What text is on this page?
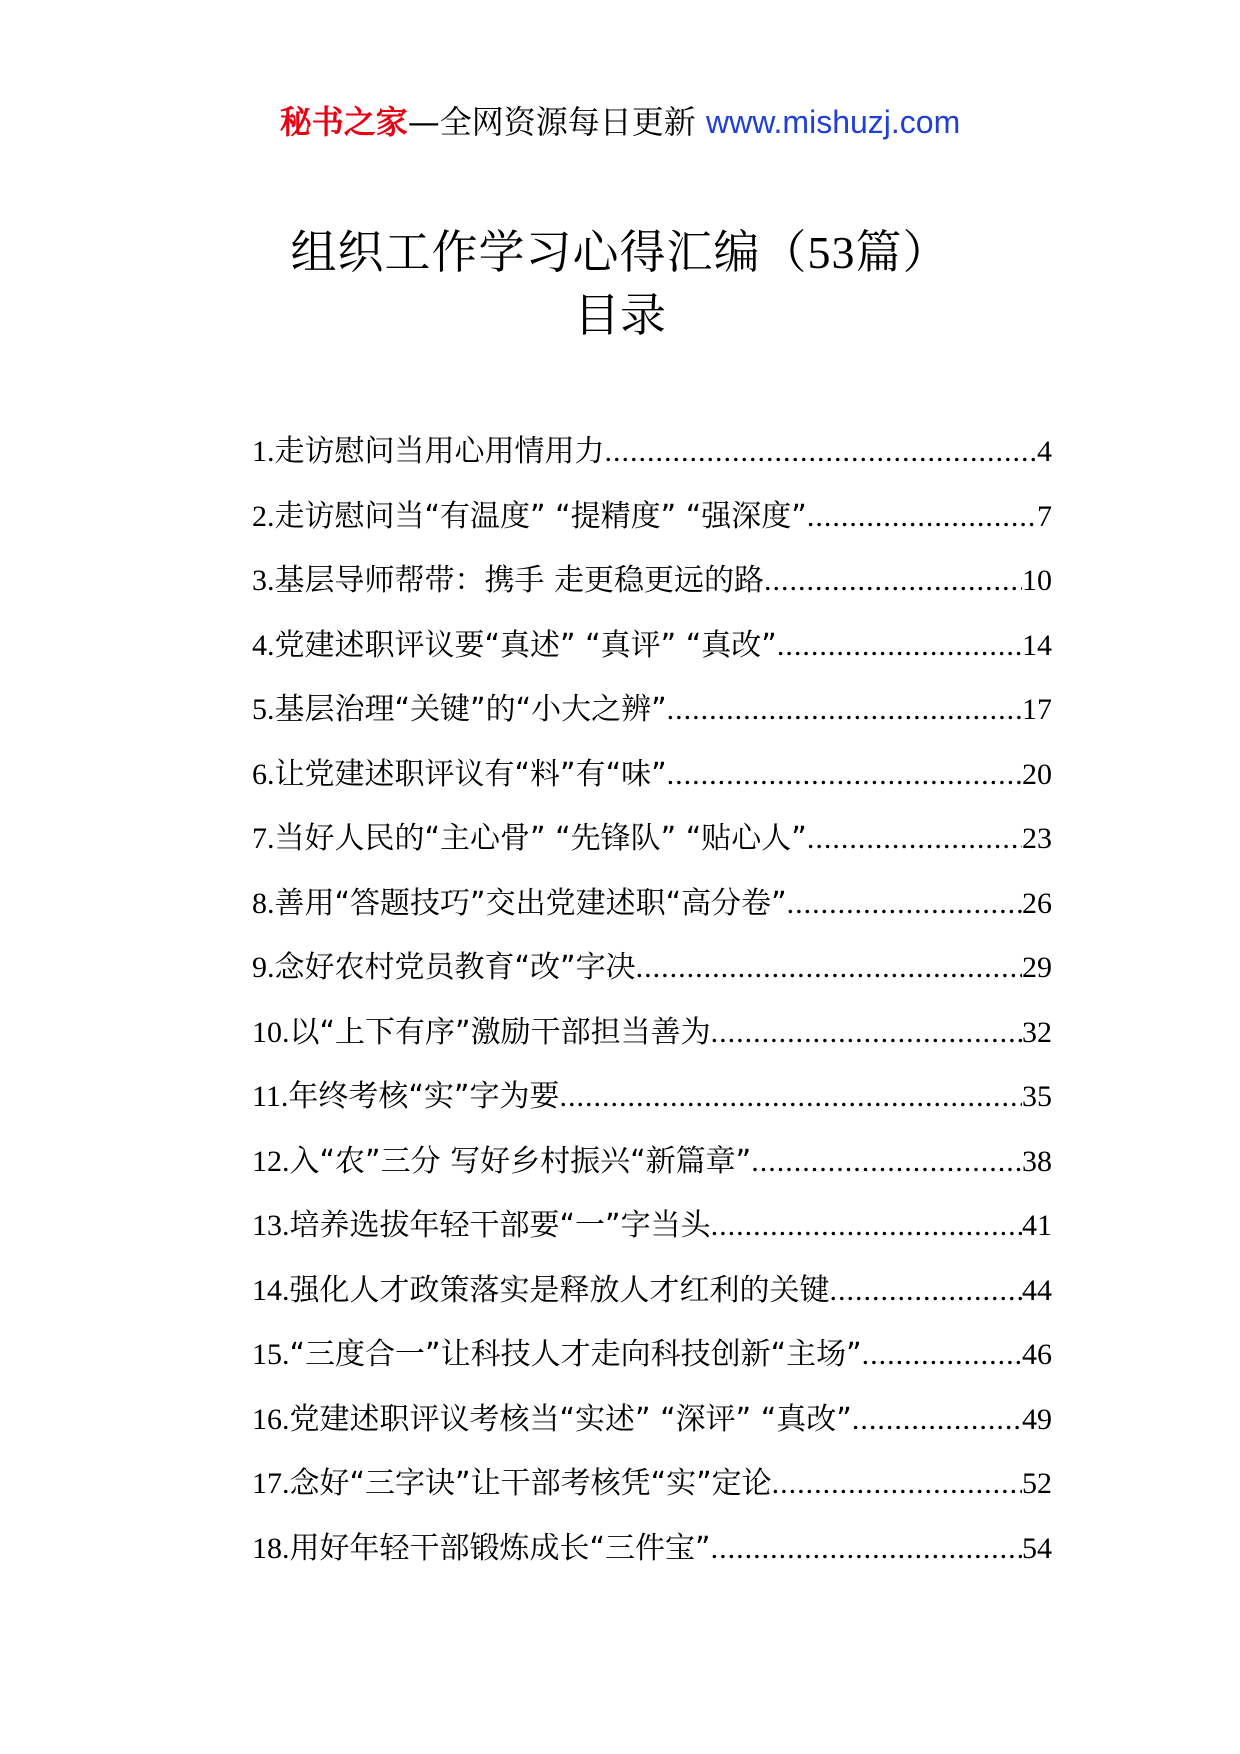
秘书之家—全网资源每日更新 www.mishuzj.com
组织工作学习心得汇编（53篇）
目录
1. 走访慰问当用心用情用力 .....	4
2. 走访慰问当“有温度” “提精度” “强深度” .....	7
3. 基层导师帮带：携手 走更稳更远的路 .....	10
4. 党建述职评议要“真述” “真评” “真改” .....	14
5. 基层治理“关键”的“小大之辨” .....	17
6. 让党建述职评议有“料”有“味” .....	20
7. 当好人民的“主心骨” “先锋队” “贴心人” .....	23
8. 善用“答题技巧”交出党建述职“高分卷” .....	26
9. 念好农村党员教育“改”字决 .....	29
10. 以“上下有序”激励干部担当善为 .....	32
11. 年终考核“实”字为要 .....	35
12. 入“农”三分 写好乡村振兴“新篇章” .....	38
13. 培养选拔年轻干部要“一”字当头 .....	41
14. 强化人才政策落实是释放人才红利的关键 .....	44
15. “三度合一”让科技人才走向科技创新“主场” .....	46
16. 党建述职评议考核当“实述” “深评” “真改” .....	49
17. 念好“三字诀”让干部考核凭“实”定论 .....	52
18. 用好年轻干部锻炼成长“三件宝” .....	54
